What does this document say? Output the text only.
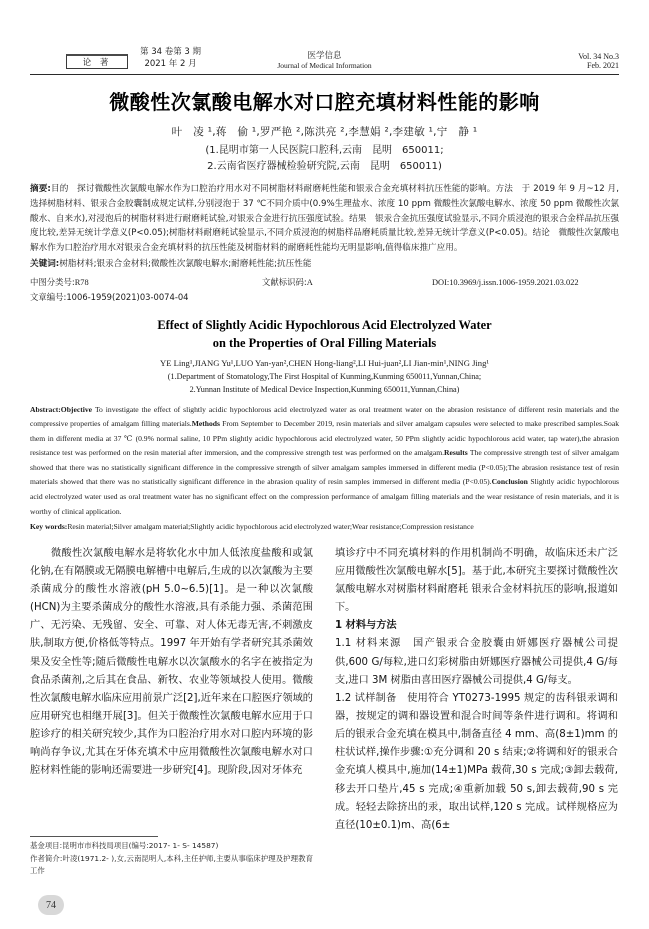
论 著
第 34 卷第 3 期
2021 年 2 月
医学信息
Journal of Medical Information
Vol. 34 No.3
Feb. 2021
微酸性次氯酸电解水对口腔充填材料性能的影响
叶　凌 ¹,蒋　偷 ¹,罗严艳 ²,陈洪亮 ²,李慧娟 ²,李建敏 ¹,宁　静 ¹
(1.昆明市第一人民医院口腔科,云南　昆明　650011;
2.云南省医疗器械检验研究院,云南　昆明　650011)
摘要:目的　探讨微酸性次氯酸电解水作为口腔治疗用水对不同树脂材料耐磨耗性能和银汞合金充填材料抗压性能的影响。方法　于 2019 年 9 月~12 月,选择树脂材料、银汞合金胶囊制成规定试样,分别浸泡于 37 ℃不同介质中(0.9%生理盐水、浓度 10 ppm 微酸性次氯酸电解水、浓度 50 ppm 微酸性次氯酸水、自来水),对浸泡后的树脂材料进行耐磨耗试验,对银汞合金进行抗压强度试验。结果　银汞合金抗压强度试验显示,不同介质浸泡的银汞合金样品抗压强度比较,差异无统计学意义(P<0.05);树脂材料耐磨耗试验显示,不同介质浸泡的树脂样品磨耗质量比较,差异无统计学意义(P<0.05)。结论　微酸性次氯酸电解水作为口腔治疗用水对银汞合金充填材料的抗压性能及树脂材料的耐磨耗性能均无明显影响,值得临床推广应用。
关键词:树脂材料;银汞合金材料;微酸性次氯酸电解水;耐磨耗性能;抗压性能
中图分类号:R78	文献标识码:A	DOI:10.3969/j.issn.1006-1959.2021.03.022
文章编号:1006-1959(2021)03-0074-04
Effect of Slightly Acidic Hypochlorous Acid Electrolyzed Water
on the Properties of Oral Filling Materials
YE Ling¹,JIANG Yu¹,LUO Yan-yan²,CHEN Hong-liang²,LI Hui-juan²,LI Jian-min¹,NING Jing¹
(1.Department of Stomatology,The First Hospital of Kunming,Kunming 650011,Yunnan,China;
2.Yunnan Institute of Medical Device Inspection,Kunming 650011,Yunnan,China)
Abstract:Objective To investigate the effect of slightly acidic hypochlorous acid electrolyzed water as oral treatment water on the abrasion resistance of different resin materials and the compressive properties of amalgam filling materials.Methods From September to December 2019, resin materials and silver amalgam capsules were selected to make prescribed samples.Soak them in different media at 37 ℃ (0.9% normal saline, 10 PPm slightly acidic hypochlorous acid electrolyzed water, 50 PPm slightly acidic hypochlorous acid water, tap water),the abrasion resistance test was performed on the resin material after immersion, and the compressive strength test was performed on the amalgam.Results The compressive strength test of silver amalgam showed that there was no statistically significant difference in the compressive strength of silver amalgam samples immersed in different media (P<0.05);The abrasion resistance test of resin materials showed that there was no statistically significant difference in the abrasion quality of resin samples immersed in different media (P<0.05).Conclusion Slightly acidic hypochlorous acid electrolyzed water used as oral treatment water has no significant effect on the compression performance of amalgam filling materials and the wear resistance of resin materials, and it is worthy of clinical application.
Key words:Resin material;Silver amalgam material;Slightly acidic hypochlorous acid electrolyzed water;Wear resistance;Compression resistance

微酸性次氯酸电解水是将软化水中加人低浓度盐酸和或氯化钠,在有隔膜或无隔膜电解槽中电解后,生成的以次氯酸为主要杀菌成分的酸性水溶液(pH 5.0~6.5)[1]。是一种以次氯酸(HCN)为主要杀菌成分的酸性水溶液,具有杀能力强、杀菌范围广、无污染、无残留、安全、可靠、对人体无毒无害,不刺激皮肤,制取方便,价格低等特点。1997 年开始有学者研究其杀菌效果及安全性等;随后微酸性电解水以次氯酸水的名字在被指定为食品杀菌剂,之后其在食品、新牧、农业等领域投人使用。微酸性次氯酸电解水临床应用前景广泛[2],近年来在口腔医疗领域的应用研究也相继开展[3]。但关于微酸性次氯酸电解水应用于口腔诊疗的相关研究较少,其作为口腔治疗用水对口腔内环境的影响尚存争议,尤其在牙体充填术中应用微酸性次氯酸电解水对口腔材料性能的影响还需要进一步研究[4]。现阶段,因对牙体充

填诊疗中不同充填材料的作用机制尚不明确，故临床还未广泛应用微酸性次氯酸电解水[5]。基于此,本研究主要探讨微酸性次氯酸电解水对树脂材料耐磨耗 银汞合金材料抗压的影响,报道如下。

1 材料与方法

1.1 材料来源　国产银汞合金胶囊由妍娜医疗器械公司提供,600 G/每粒,进口幻彩树脂由妍娜医疗器械公司提供,4 G/每支,进口 3M 树脂由喜田医疗器械公司提供,4 G/每支。

1.2 试样制备　使用符合 YT0273-1995 规定的齿科银汞调和器，按规定的调和器设置和混合时间等条件进行调和。将调和后的银汞合金充填在模具中,制备直径 4 mm、高(8±1)mm 的柱状试样,操作步骤:①充分调和 20 s 结束;②将调和好的银汞合金充填人模具中,施加(14±1)MPa 载荷,30 s 完成;③卸去载荷,移去开口垫片,45 s 完成;④重新加载 50 s,卸去载荷,90 s 完成。轻轻去除挤出的汞，取出试样,120 s 完成。试样规格应为直径(10±0.1)m、高(6±

基金项目:昆明市市科技局项目(编号:2017- 1- S- 14587)
作者简介:叶凌(1971.2- ),女,云南昆明人,本科,主任护师,主要从事临床护理及护理教育工作
74
